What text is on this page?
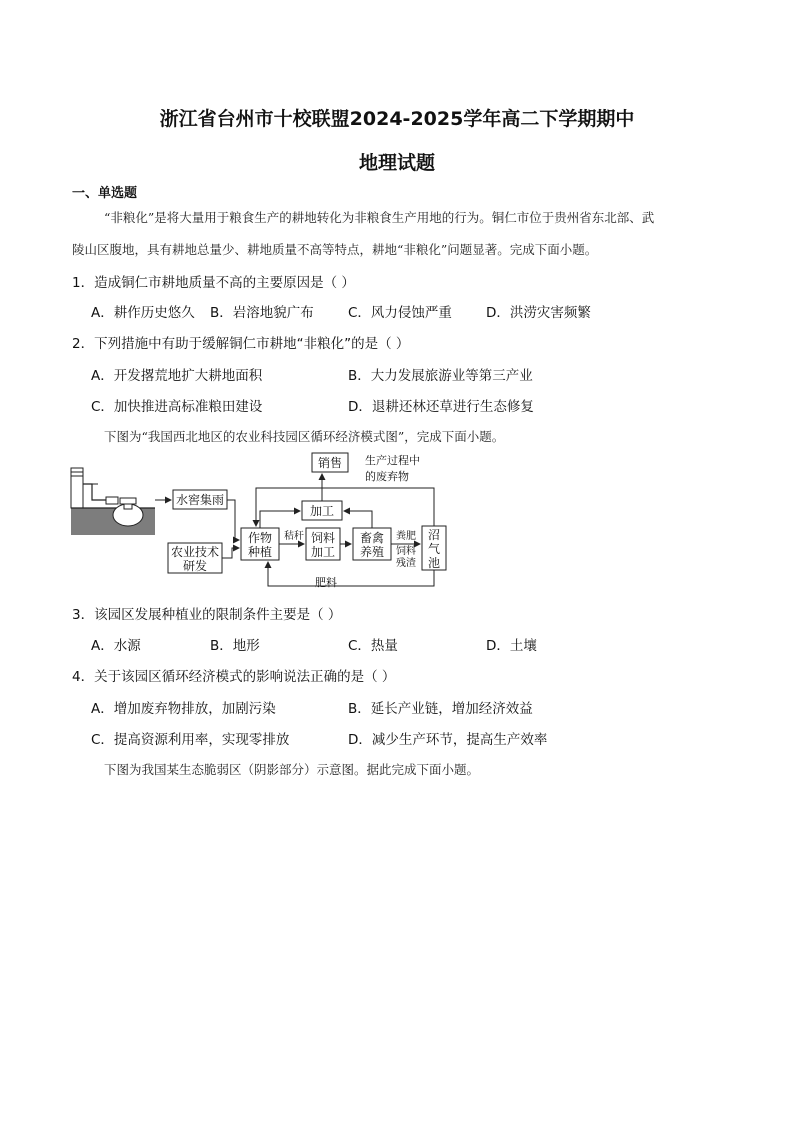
浙江省台州市十校联盟2024-2025学年高二下学期期中
地理试题
一、单选题
“非粮化”是将大量用于粮食生产的耕地转化为非粮食生产用地的行为。铜仁市位于贵州省东北部、武
陵山区腹地，具有耕地总量少、耕地质量不高等特点，耕地“非粮化”问题显著。完成下面小题。
1．造成铜仁市耕地质量不高的主要原因是（ ）
A．耕作历史悠久 B．岩溶地貌广布	C．风力侵蚀严重	D．洪涝灾害频繁
2．下列措施中有助于缓解铜仁市耕地“非粮化”的是（ ）
A．开发撂荒地扩大耕地面积	B．大力发展旅游业等第三产业
C．加快推进高标准粮田建设	D．退耕还林还草进行生态修复
下图为“我国西北地区的农业科技园区循环经济模式图”，完成下面小题。
销售 生产过程中
的废弃物
水窖集雨
加工
农业技术
研发
作物
种植
秸秆 饲料
加工
畜禽
养殖
粪肥
饲料
残渣
沼
气
池
肥料
3．该园区发展种植业的限制条件主要是（ ）
A．水源	B．地形	C．热量	D．土壤
4．关于该园区循环经济模式的影响说法正确的是（ ）
A．增加废弃物排放，加剧污染	B．延长产业链，增加经济效益
C．提高资源利用率，实现零排放	D．减少生产环节，提高生产效率
下图为我国某生态脆弱区（阴影部分）示意图。据此完成下面小题。
